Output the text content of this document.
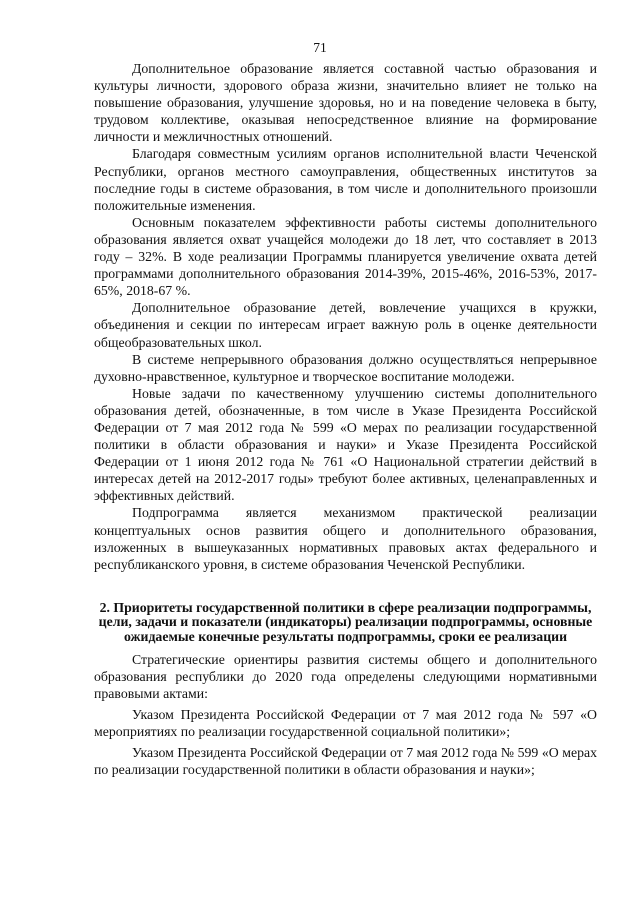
71

Дополнительное образование является составной частью образования и культуры личности, здорового образа жизни, значительно влияет не только на повышение образования, улучшение здоровья, но и на поведение человека в быту, трудовом коллективе, оказывая непосредственное влияние на формирование личности и межличностных отношений.

Благодаря совместным усилиям органов исполнительной власти Чеченской Республики, органов местного самоуправления, общественных институтов за последние годы в системе образования, в том числе и дополнительного произошли положительные изменения.

Основным показателем эффективности работы системы дополнительного образования является охват учащейся молодежи до 18 лет, что составляет в 2013 году – 32%. В ходе реализации Программы планируется увеличение охвата детей программами дополнительного образования 2014-39%, 2015-46%, 2016-53%, 2017-65%, 2018-67 %.

Дополнительное образование детей, вовлечение учащихся в кружки, объединения и секции по интересам играет важную роль в оценке деятельности общеобразовательных школ.

В системе непрерывного образования должно осуществляться непрерывное духовно-нравственное, культурное и творческое воспитание молодежи.

Новые задачи по качественному улучшению системы дополнительного образования детей, обозначенные, в том числе в Указе Президента Российской Федерации от 7 мая 2012 года № 599 «О мерах по реализации государственной политики в области образования и науки» и Указе Президента Российской Федерации от 1 июня 2012 года № 761 «О Национальной стратегии действий в интересах детей на 2012-2017 годы» требуют более активных, целенаправленных и эффективных действий.

Подпрограмма является механизмом практической реализации концептуальных основ развития общего и дополнительного образования, изложенных в вышеуказанных нормативных правовых актах федерального и республиканского уровня, в системе образования Чеченской Республики.

2. Приоритеты государственной политики в сфере реализации подпрограммы, цели, задачи и показатели (индикаторы) реализации подпрограммы, основные ожидаемые конечные результаты подпрограммы, сроки ее реализации

Стратегические ориентиры развития системы общего и дополнительного образования республики до 2020 года определены следующими нормативными правовыми актами:

Указом Президента Российской Федерации от 7 мая 2012 года № 597 «О мероприятиях по реализации государственной социальной политики»;

Указом Президента Российской Федерации от 7 мая 2012 года № 599 «О мерах по реализации государственной политики в области образования и науки»;
